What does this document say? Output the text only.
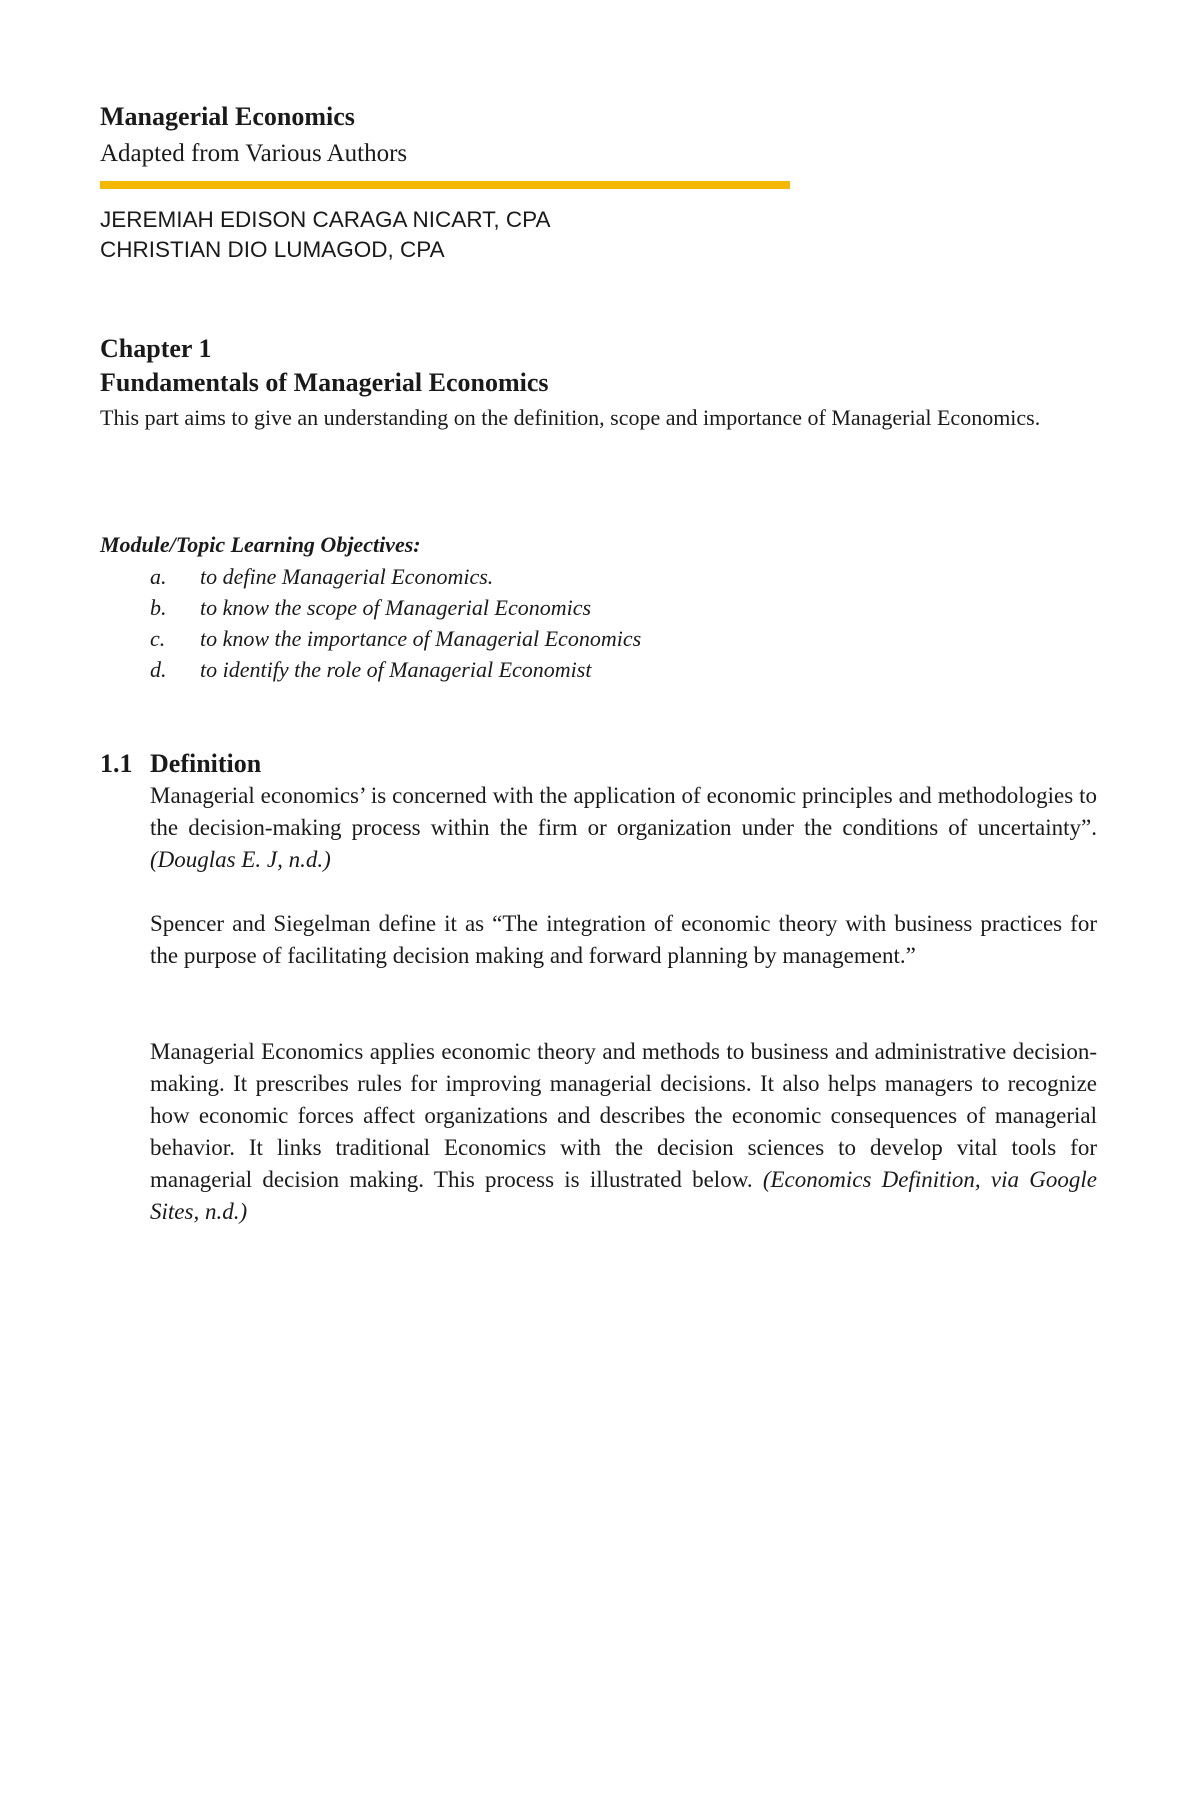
Managerial Economics
Adapted from Various Authors
JEREMIAH EDISON CARAGA NICART, CPA
CHRISTIAN DIO LUMAGOD, CPA
Chapter 1
Fundamentals of Managerial Economics
This part aims to give an understanding on the definition, scope and importance of Managerial Economics.
Module/Topic Learning Objectives:
a.	to define Managerial Economics.
b.	to know the scope of Managerial Economics
c.	to know the importance of Managerial Economics
d.	to identify the role of Managerial Economist
1.1 Definition
Managerial economics’ is concerned with the application of economic principles and methodologies to the decision-making process within the firm or organization under the conditions of uncertainty”. (Douglas E. J, n.d.)
Spencer and Siegelman define it as “The integration of economic theory with business practices for the purpose of facilitating decision making and forward planning by management.”
Managerial Economics applies economic theory and methods to business and administrative decision-making. It prescribes rules for improving managerial decisions. It also helps managers to recognize how economic forces affect organizations and describes the economic consequences of managerial behavior. It links traditional Economics with the decision sciences to develop vital tools for managerial decision making. This process is illustrated below. (Economics Definition, via Google Sites, n.d.)
